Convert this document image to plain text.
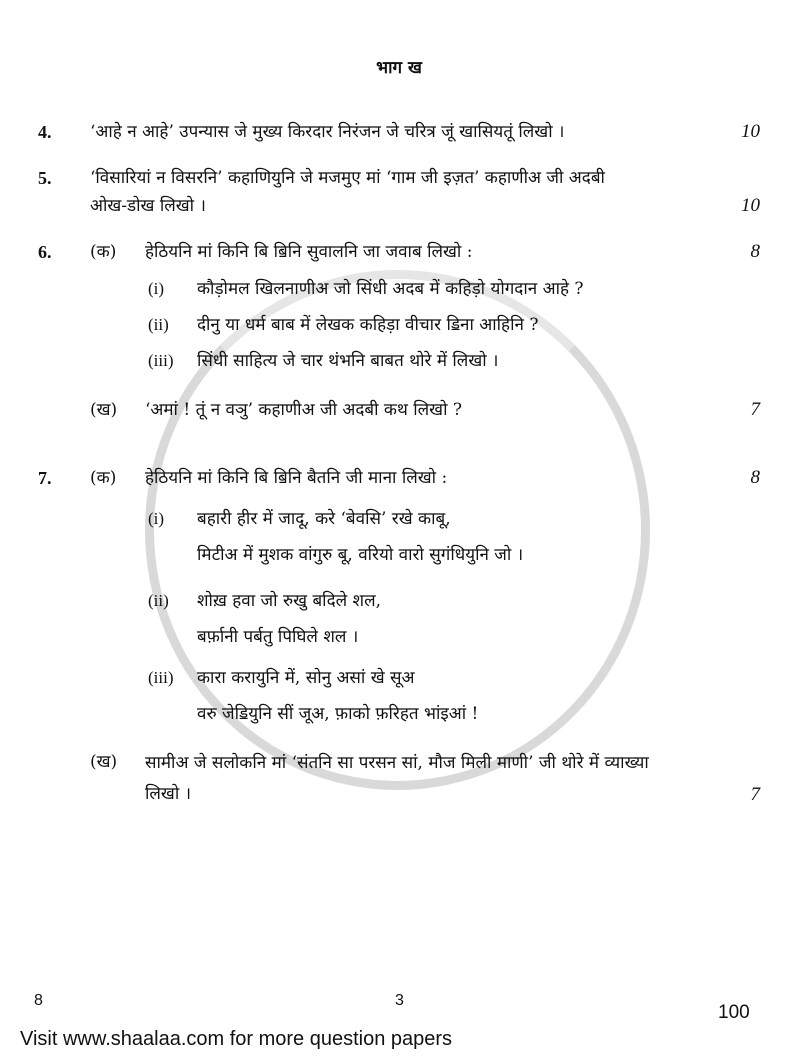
भाग ख
4.	‘आहे न आहे’ उपन्यास जे मुख्य किरदार निरंजन जे चरित्र जूं खासियतूं लिखो ।	10
5.	‘विसारियां न विसरनि’ कहाणियुनि जे मजमुए मां ‘गाम जी इज़त’ कहाणीअ जी अदबी
ओख-डोख लिखो ।	10
6.	(क)	हेठियनि मां किनि बि ॿिनि सुवालनि जा जवाब लिखो :	8
(i)	कौड़ोमल खिलनाणीअ जो सिंधी अदब में कहिड़ो योगदान आहे ?
(ii)	दीनु या धर्म बाब में लेखक कहिड़ा वीचार ॾिना आहिनि ?
(iii)	सिंधी साहित्य जे चार थंभनि बाबत थोरे में लिखो ।
(ख)	‘अमां ! तूं न वञु’ कहाणीअ जी अदबी कथ लिखो ?	7
7.	(क)	हेठियनि मां किनि बि ॿिनि बैतनि जी माना लिखो :	8
(i)	बहारी हीर में जादू, करे ‘बेवसि’ रखे काबू,
मिटीअ में मुशक वांगुरु बू, वरियो वारो सुगंधियुनि जो ।
(ii)	शोख़ हवा जो रुखु बदिले शल,
बर्फ़ानी पर्बतु पिघिले शल ।
(iii)	कारा करायुनि में, सोनु असां खे सूअ
वरु जेॾियुनि सीं जूअ, फ़ाको फ़रिहत भांइआं !
(ख)	सामीअ जे सलोकनि मां ‘संतनि सा परसन सां, मौज मिली माणी’ जी थोरे में व्याख्या
लिखो ।	7
8	3
100
Visit www.shaalaa.com for more question papers
